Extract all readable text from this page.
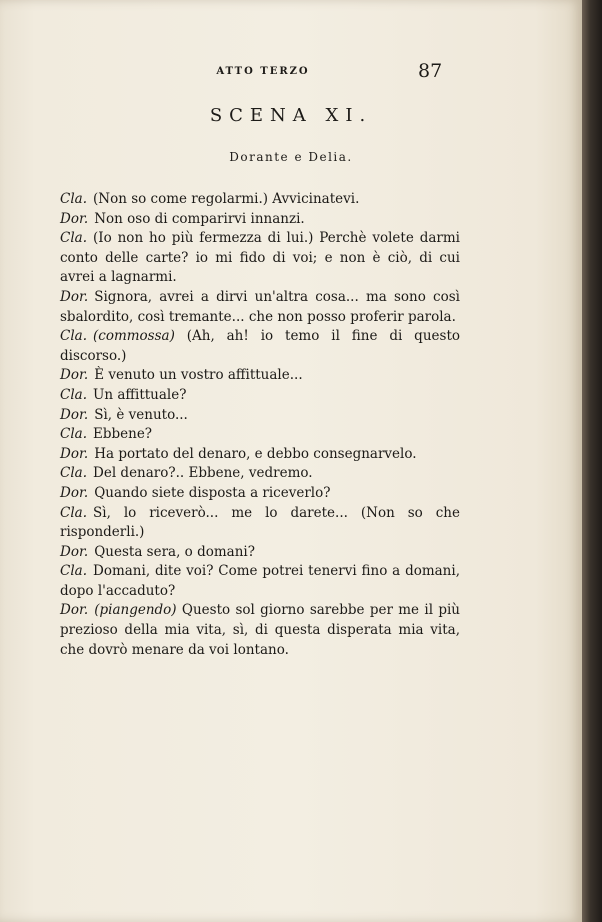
ATTO TERZO	87
SCENA XI.
Dorante e Delia.

Cla. (Non so come regolarmi.) Avvicinatevi.

Dor. Non oso di comparirvi innanzi.

Cla. (Io non ho più fermezza di lui.) Perchè volete darmi conto delle carte? io mi fido di voi; e non è ciò, di cui avrei a lagnarmi.

Dor. Signora, avrei a dirvi un'altra cosa... ma sono così sbalordito, così tremante... che non posso proferir parola.

Cla. (commossa) (Ah, ah! io temo il fine di questo discorso.)

Dor. È venuto un vostro affittuale...

Cla. Un affittuale?

Dor. Sì, è venuto...

Cla. Ebbene?

Dor. Ha portato del denaro, e debbo consegnarvelo.

Cla. Del denaro?.. Ebbene, vedremo.

Dor. Quando siete disposta a riceverlo?

Cla. Sì, lo riceverò... me lo darete... (Non so che risponderli.)

Dor. Questa sera, o domani?

Cla. Domani, dite voi? Come potrei tenervi fino a domani, dopo l'accaduto?

Dor. (piangendo) Questo sol giorno sarebbe per me il più prezioso della mia vita, sì, di questa disperata mia vita, che dovrò menare da voi lontano.
